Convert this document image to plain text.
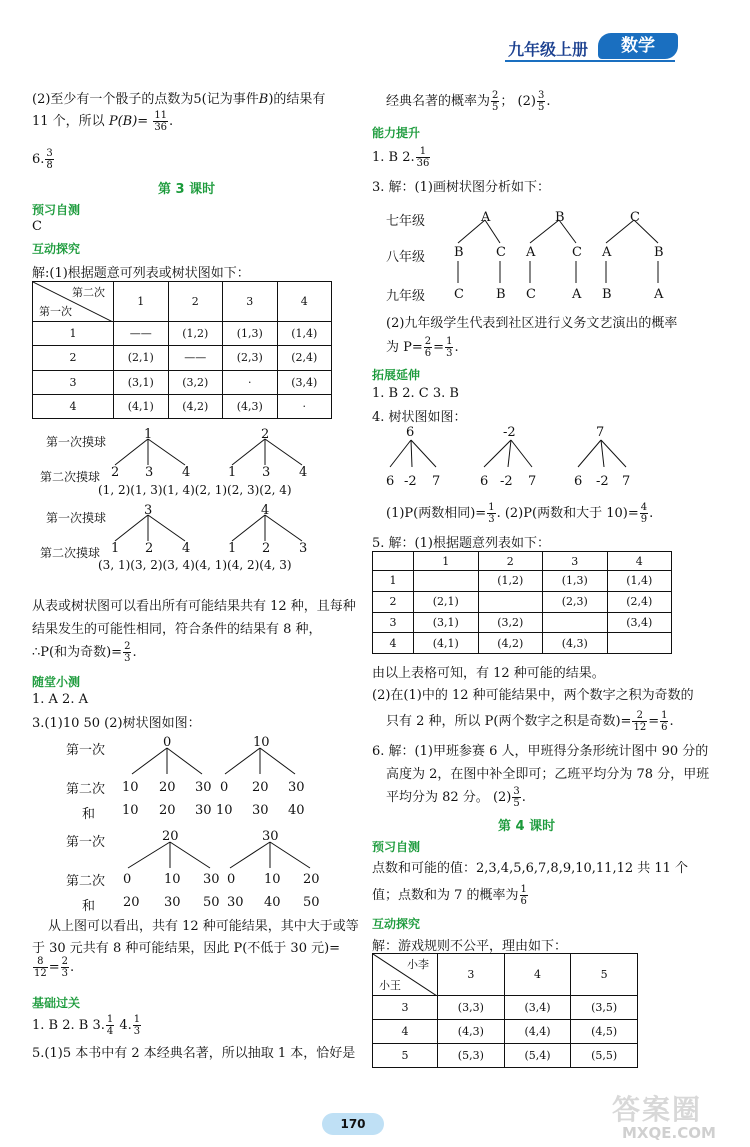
九年级上册	数学
(2)至少有一个骰子的点数为5(记为事件B)的结果有
11 个，所以 $P(B)= \frac{11}{36}$ .
6. $\frac{3}{8}$
第 3 课时
预习自测
C
互动探究
解:(1)根据题意可列表或树状图如下：
第二次
第一次	1	2	3	4
1	——	(1,2)	(1,3)	(1,4)
2	(2,1)	——	(2,3)	(2,4)
3	(3,1)	(3,2)	·	(3,4)
4	(4,1)	(4,2)	(4,3)	·
第一次摸球	1	2
第二次摸球 2 3 4	1 3 4
(1, 2)(1, 3)(1, 4)(2, 1)(2, 3)(2, 4)
第一次摸球	3	4
第二次摸球 1 2 4	1 2 3
(3, 1)(3, 2)(3, 4)(4, 1)(4, 2)(4, 3)
从表或树状图可以看出所有可能结果共有 12 种，且每种
结果发生的可能性相同，符合条件的结果有 8 种，
∴P(和为奇数)= $\frac{2}{3}$ .
随堂小测
1. A 2. A
3.(1)10 50 (2)树状图如图：
第一次
0	10
第二次 10 20 30 0 20 30
和 10 20 30 10 30 40
第一次	20	30
第二次 0	10 30 0 10 20
和 20 30 50 30 40 50
从上图可以看出，共有 12 种可能结果，其中大于或等
于 30 元共有 8 种可能结果，因此 P(不低于 30 元)=
$\frac{8}{12} = \frac{2}{3}$ .
基础过关
1. B 2. B 3. $\frac{1}{4} 4$. $\frac{1}{3}$
5.(1)5 本书中有 2 本经典名著，所以抽取 1 本，恰好是
经典名著的概率为 $\frac{2}{5}$ ； $(2) \frac{3}{5}$ .
能力提升
1. B 2. $\frac{1}{36}$
3. 解：(1)画树状图分析如下：
七年级
八年级
九年级
A	B	C
B C A	C A	B
C B C	A B	A
(2)九年级学生代表到社区进行义务文艺演出的概率
为 $P= \frac{2}{6} = \frac{1}{3}$ .
拓展延伸
1. B 2. C 3. B
4. 树状图如图：
6	-2	7
6 -2 7	6 -2 7	6 -2 7
(1)P(两数相同)= $\frac{1}{3}$ . (2)P(两数和大于 $10)= \frac{4}{9}$ .
5. 解：(1)根据题意列表如下：
	1	2	3	4
1		(1,2)	(1,3)	(1,4)
2	(2,1)		(2,3)	(2,4)
3	(3,1)	(3,2)		(3,4)
4	(4,1)	(4,2)	(4,3)	
由以上表格可知，有 12 种可能的结果。
(2)在(1)中的 12 种可能结果中，两个数字之积为奇数的
只有 2 种，所以 P(两个数字之积是奇数)= $\frac{2}{12} = \frac{1}{6}$ .
6. 解：(1)甲班参赛 6 人，甲班得分条形统计图中 90 分的
高度为 2，在图中补全即可；乙班平均分为 78 分，甲班
平均分为 82 分。 $(2) \frac{3}{5}$ .
第 4 课时
预习自测
点数和可能的值：2,3,4,5,6,7,8,9,10,11,12 共 11 个
值；点数和为 7 的概率为 $\frac{1}{6}$
互动探究
解：游戏规则不公平，理由如下：
小李
小王	3	4	5
3	(3,3)	(3,4)	(3,5)
4	(4,3)	(4,4)	(4,5)
5	(5,3)	(5,4)	(5,5)
170	答案圈
MXQE.COM
